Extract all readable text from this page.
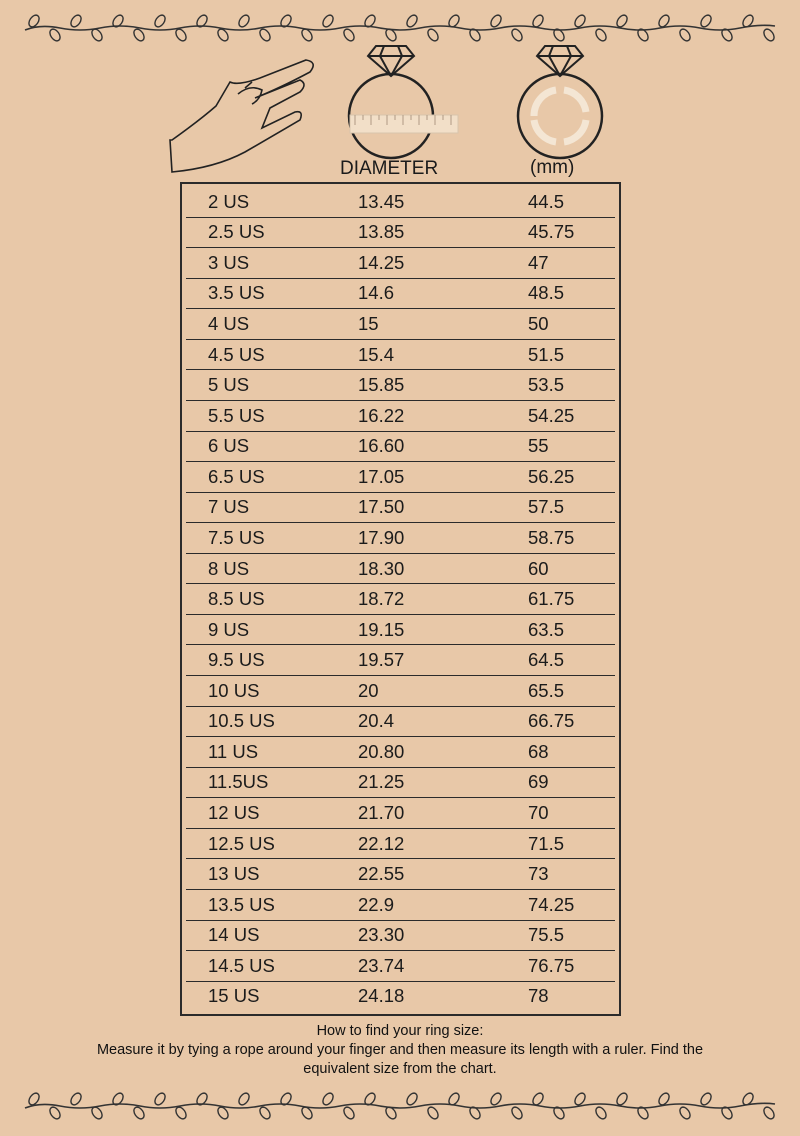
DIAMETER	(mm)
2 US	13.45	44.5
2.5 US	13.85	45.75
3 US	14.25	47
3.5 US	14.6	48.5
4 US	15	50
4.5 US	15.4	51.5
5 US	15.85	53.5
5.5 US	16.22	54.25
6 US	16.60	55
6.5 US	17.05	56.25
7 US	17.50	57.5
7.5 US	17.90	58.75
8 US	18.30	60
8.5 US	18.72	61.75
9 US	19.15	63.5
9.5 US	19.57	64.5
10 US	20	65.5
10.5 US	20.4	66.75
11 US	20.80	68
11.5US	21.25	69
12 US	21.70	70
12.5 US	22.12	71.5
13 US	22.55	73
13.5 US	22.9	74.25
14 US	23.30	75.5
14.5 US	23.74	76.75
15 US	24.18	78

How to find your ring size:

Measure it by tying a rope around your finger and then measure its length with a ruler. Find the

equivalent size from the chart.
